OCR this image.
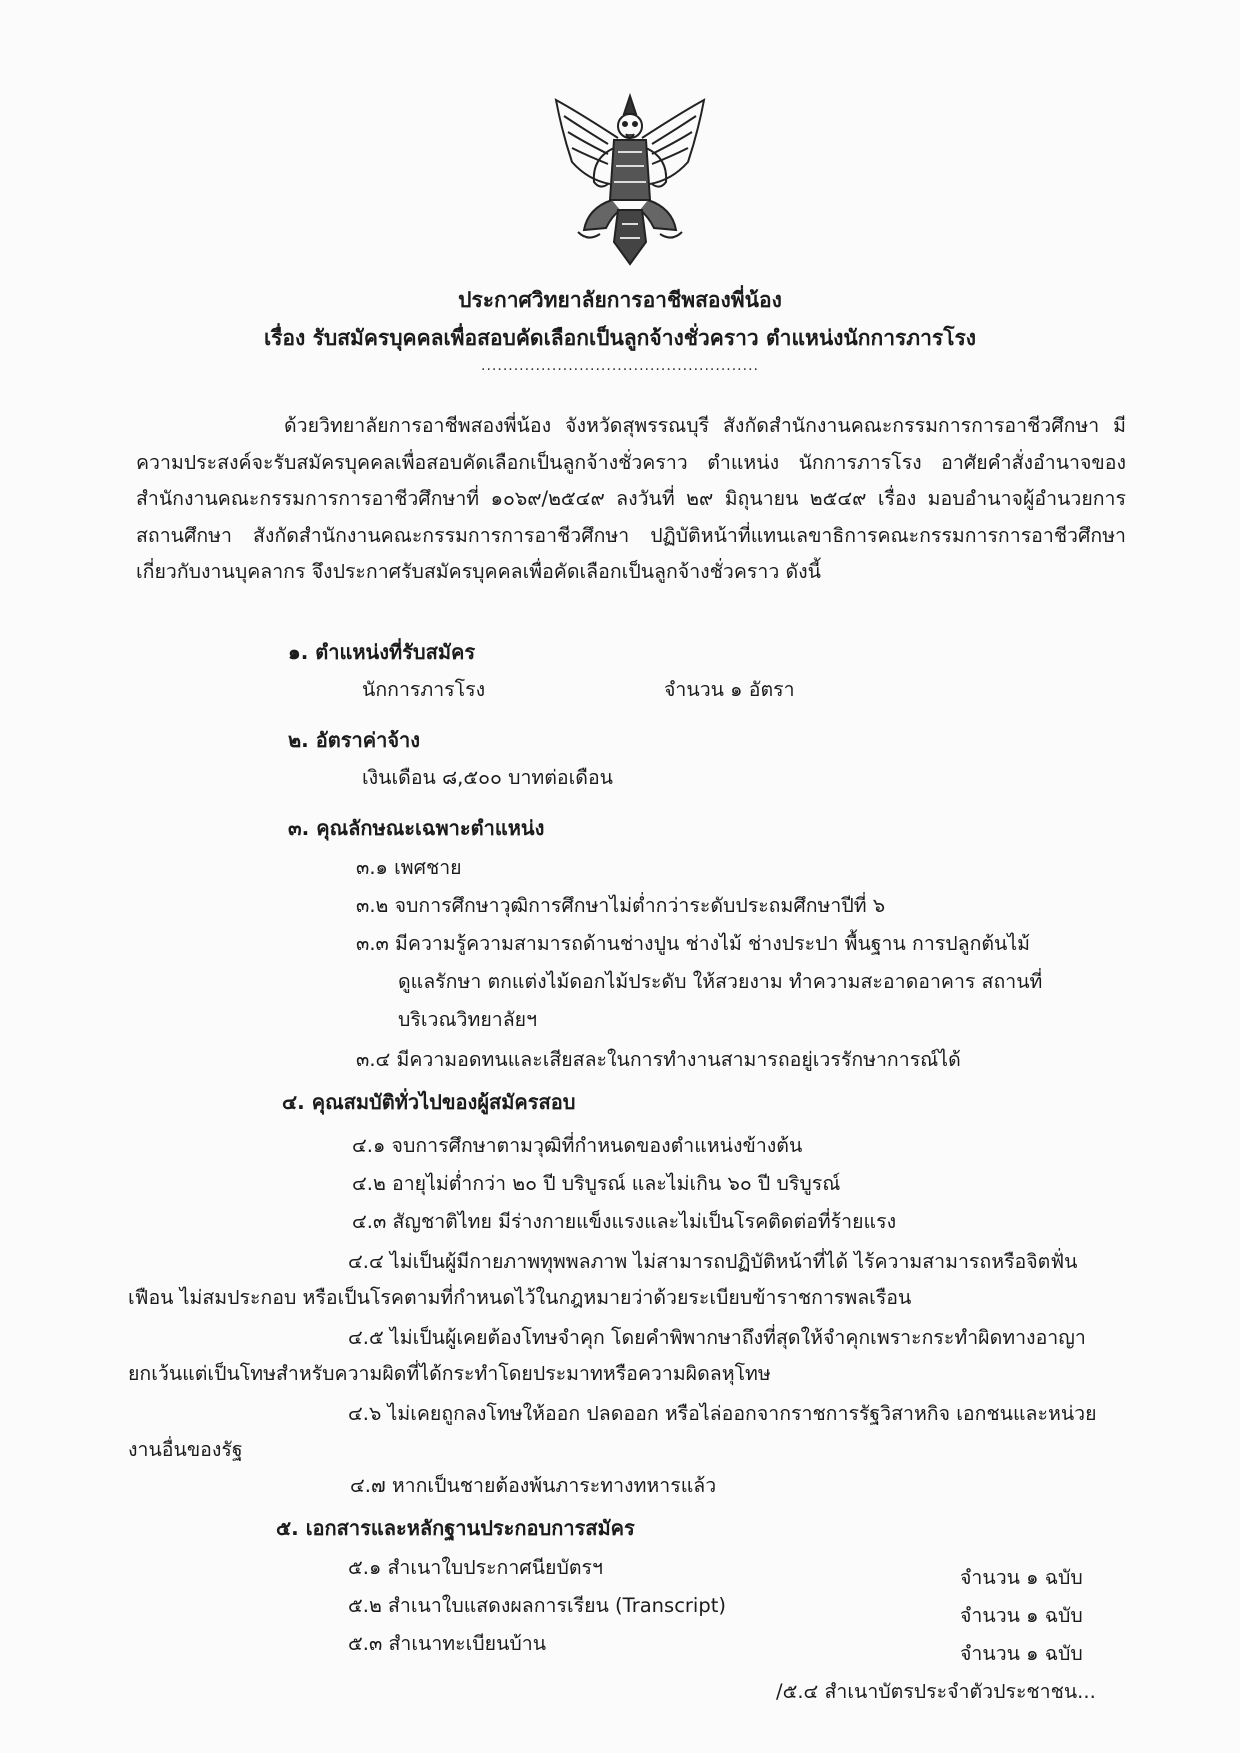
ประกาศวิทยาลัยการอาชีพสองพี่น้อง
เรื่อง รับสมัครบุคคลเพื่อสอบคัดเลือกเป็นลูกจ้างชั่วคราว ตำแหน่งนักการภารโรง
...................................................
ด้วยวิทยาลัยการอาชีพสองพี่น้อง จังหวัดสุพรรณบุรี สังกัดสำนักงานคณะกรรมการการอาชีวศึกษา มีความประสงค์จะรับสมัครบุคคลเพื่อสอบคัดเลือกเป็นลูกจ้างชั่วคราว ตำแหน่ง นักการภารโรง อาศัยคำสั่งอำนาจของสำนักงานคณะกรรมการการอาชีวศึกษาที่ ๑๐๖๙/๒๕๔๙ ลงวันที่ ๒๙ มิถุนายน ๒๕๔๙ เรื่อง มอบอำนาจผู้อำนวยการสถานศึกษา สังกัดสำนักงานคณะกรรมการการอาชีวศึกษา ปฏิบัติหน้าที่แทนเลขาธิการคณะกรรมการการอาชีวศึกษาเกี่ยวกับงานบุคลากร จึงประกาศรับสมัครบุคคลเพื่อคัดเลือกเป็นลูกจ้างชั่วคราว ดังนี้
๑. ตำแหน่งที่รับสมัคร
นักการภารโรง	จำนวน ๑ อัตรา
๒. อัตราค่าจ้าง
เงินเดือน ๘,๕๐๐ บาทต่อเดือน
๓. คุณลักษณะเฉพาะตำแหน่ง
๓.๑ เพศชาย
๓.๒ จบการศึกษาวุฒิการศึกษาไม่ต่ำกว่าระดับประถมศึกษาปีที่ ๖
๓.๓ มีความรู้ความสามารถด้านช่างปูน ช่างไม้ ช่างประปา พื้นฐาน การปลูกต้นไม้
ดูแลรักษา ตกแต่งไม้ดอกไม้ประดับ ให้สวยงาม ทำความสะอาดอาคาร สถานที่
บริเวณวิทยาลัยฯ
๓.๔ มีความอดทนและเสียสละในการทำงานสามารถอยู่เวรรักษาการณ์ได้
๔. คุณสมบัติทั่วไปของผู้สมัครสอบ
๔.๑ จบการศึกษาตามวุฒิที่กำหนดของตำแหน่งข้างต้น
๔.๒ อายุไม่ต่ำกว่า ๒๐ ปี บริบูรณ์ และไม่เกิน ๖๐ ปี บริบูรณ์
๔.๓ สัญชาติไทย มีร่างกายแข็งแรงและไม่เป็นโรคติดต่อที่ร้ายแรง
๔.๔ ไม่เป็นผู้มีกายภาพทุพพลภาพ ไม่สามารถปฏิบัติหน้าที่ได้ ไร้ความสามารถหรือจิตฟั่นเฟือน ไม่สมประกอบ หรือเป็นโรคตามที่กำหนดไว้ในกฎหมายว่าด้วยระเบียบข้าราชการพลเรือน
๔.๕ ไม่เป็นผู้เคยต้องโทษจำคุก โดยคำพิพากษาถึงที่สุดให้จำคุกเพราะกระทำผิดทางอาญายกเว้นแต่เป็นโทษสำหรับความผิดที่ได้กระทำโดยประมาทหรือความผิดลหุโทษ
๔.๖ ไม่เคยถูกลงโทษให้ออก ปลดออก หรือไล่ออกจากราชการรัฐวิสาหกิจ เอกชนและหน่วยงานอื่นของรัฐ
๔.๗ หากเป็นชายต้องพ้นภาระทางทหารแล้ว
๕. เอกสารและหลักฐานประกอบการสมัคร
๕.๑ สำเนาใบประกาศนียบัตรฯ
๕.๒ สำเนาใบแสดงผลการเรียน (Transcript)
๕.๓ สำเนาทะเบียนบ้าน
จำนวน ๑ ฉบับ
จำนวน ๑ ฉบับ
จำนวน ๑ ฉบับ
/๕.๔ สำเนาบัตรประจำตัวประชาชน...
